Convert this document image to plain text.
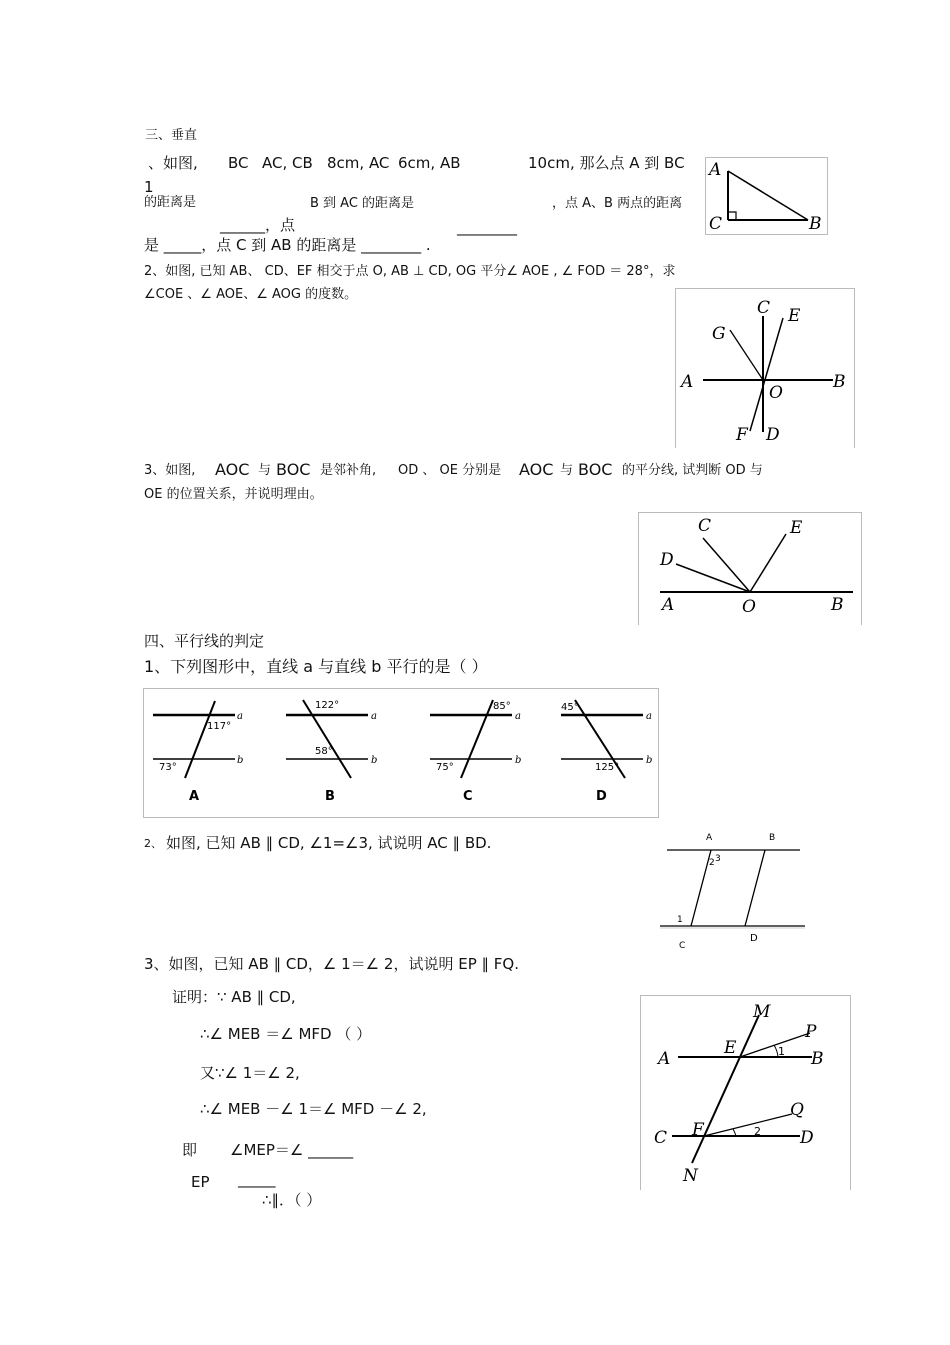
三、垂直
、如图, BC AC, CB 8cm, AC 6cm, AB	10cm, 那么点 A 到 BC
1
的距离是	B 到 AC 的距离是	，点 A、B 两点的距离
______，点	________
是 _____，点 C 到 AB 的距离是 ________ .
A
C	B
2、如图, 已知 AB、 CD、EF 相交于点 O, AB ⊥ CD, OG 平分∠ AOE , ∠ FOD ＝ 28°，求
∠COE 、∠ AOE、∠ AOG 的度数。
C E
G
A
O
B
F D
3、如图, AOC 与 BOC 是邻补角, OD 、 OE 分别是 AOC 与 BOC 的平分线, 试判断 OD 与
OE 的位置关系，并说明理由。
C	E
D
A	O	B
四、平行线的判定
1、下列图形中，直线 a 与直线 b 平行的是（ ）
a
b
117°
73°
A
a
b
122°
58°
B
a
b
85°
75°
C
a
b
45°
125°
D
2、 如图, 已知 AB ∥ CD, ∠1=∠3, 试说明 AC ∥ BD.	A	B
C
D
2 3
1
3、如图，已知 AB ∥ CD，∠ 1＝∠ 2，试说明 EP ∥ FQ.
证明：∵ AB ∥ CD,
∴∠ MEB ＝∠ MFD （ ）
又∵∠ 1＝∠ 2,
∴∠ MEB －∠ 1＝∠ MFD －∠ 2,
即 ∠MEP＝∠ ______
EP _____
∴∥．（ ）
M
P
A
E
B
1
Q
C F	2 D
N
